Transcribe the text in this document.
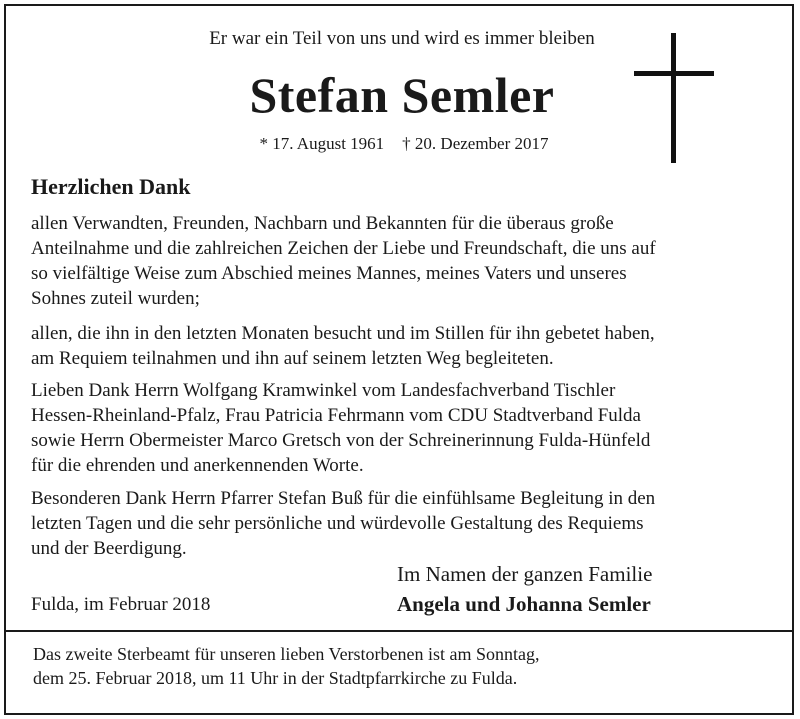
Er war ein Teil von uns und wird es immer bleiben
Stefan Semler
* 17. August 1961 † 20. Dezember 2017
Herzlichen Dank
allen Verwandten, Freunden, Nachbarn und Bekannten für die überaus große
Anteilnahme und die zahlreichen Zeichen der Liebe und Freundschaft, die uns auf
so vielfältige Weise zum Abschied meines Mannes, meines Vaters und unseres
Sohnes zuteil wurden;
allen, die ihn in den letzten Monaten besucht und im Stillen für ihn gebetet haben,
am Requiem teilnahmen und ihn auf seinem letzten Weg begleiteten.
Lieben Dank Herrn Wolfgang Kramwinkel vom Landesfachverband Tischler
Hessen-Rheinland-Pfalz, Frau Patricia Fehrmann vom CDU Stadtverband Fulda
sowie Herrn Obermeister Marco Gretsch von der Schreinerinnung Fulda-Hünfeld
für die ehrenden und anerkennenden Worte.
Besonderen Dank Herrn Pfarrer Stefan Buß für die einfühlsame Begleitung in den
letzten Tagen und die sehr persönliche und würdevolle Gestaltung des Requiems
und der Beerdigung.
Im Namen der ganzen Familie
Angela und Johanna Semler
Fulda, im Februar 2018
Das zweite Sterbeamt für unseren lieben Verstorbenen ist am Sonntag,
dem 25. Februar 2018, um 11 Uhr in der Stadtpfarrkirche zu Fulda.
